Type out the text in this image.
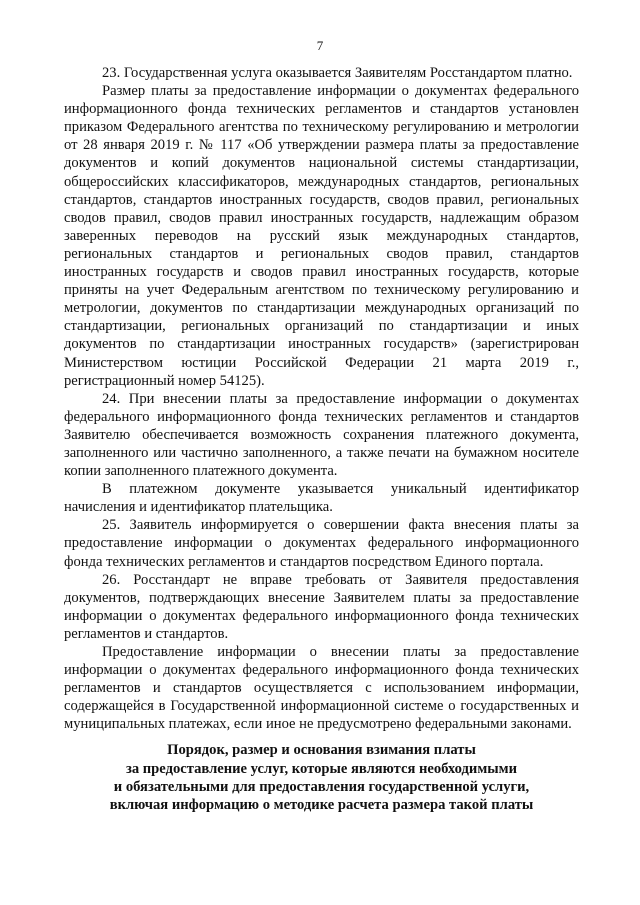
7

23. Государственная услуга оказывается Заявителям Росстандартом платно.

Размер платы за предоставление информации о документах федерального информационного фонда технических регламентов и стандартов установлен приказом Федерального агентства по техническому регулированию и метрологии от 28 января 2019 г. № 117 «Об утверждении размера платы за предоставление документов и копий документов национальной системы стандартизации, общероссийских классификаторов, международных стандартов, региональных стандартов, стандартов иностранных государств, сводов правил, региональных сводов правил, сводов правил иностранных государств, надлежащим образом заверенных переводов на русский язык международных стандартов, региональных стандартов и региональных сводов правил, стандартов иностранных государств и сводов правил иностранных государств, которые приняты на учет Федеральным агентством по техническому регулированию и метрологии, документов по стандартизации международных организаций по стандартизации, региональных организаций по стандартизации и иных документов по стандартизации иностранных государств» (зарегистрирован Министерством юстиции Российской Федерации 21 марта 2019 г., регистрационный номер 54125).

24. При внесении платы за предоставление информации о документах федерального информационного фонда технических регламентов и стандартов Заявителю обеспечивается возможность сохранения платежного документа, заполненного или частично заполненного, а также печати на бумажном носителе копии заполненного платежного документа.

В платежном документе указывается уникальный идентификатор начисления и идентификатор плательщика.

25. Заявитель информируется о совершении факта внесения платы за предоставление информации о документах федерального информационного фонда технических регламентов и стандартов посредством Единого портала.

26. Росстандарт не вправе требовать от Заявителя предоставления документов, подтверждающих внесение Заявителем платы за предоставление информации о документах федерального информационного фонда технических регламентов и стандартов.

Предоставление информации о внесении платы за предоставление информации о документах федерального информационного фонда технических регламентов и стандартов осуществляется с использованием информации, содержащейся в Государственной информационной системе о государственных и муниципальных платежах, если иное не предусмотрено федеральными законами.

Порядок, размер и основания взимания платы
за предоставление услуг, которые являются необходимыми
и обязательными для предоставления государственной услуги,
включая информацию о методике расчета размера такой платы
